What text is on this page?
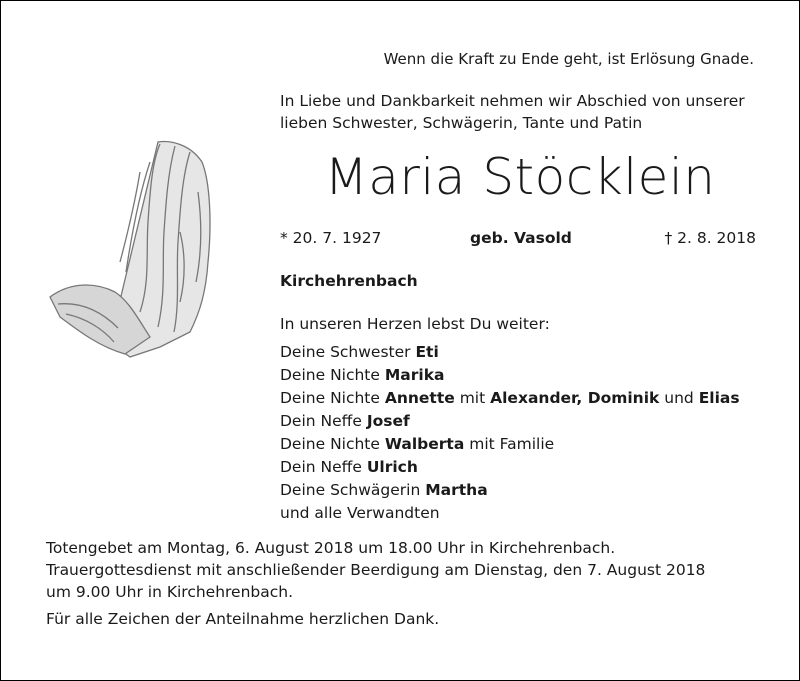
Wenn die Kraft zu Ende geht, ist Erlösung Gnade.
In Liebe und Dankbarkeit nehmen wir Abschied von unserer
lieben Schwester, Schwägerin, Tante und Patin
Maria Stöcklein
* 20. 7. 1927	geb. Vasold	† 2. 8. 2018
Kirchehrenbach
In unseren Herzen lebst Du weiter:
Deine Schwester Eti
Deine Nichte Marika
Deine Nichte Annette mit Alexander, Dominik und Elias
Dein Neffe Josef
Deine Nichte Walberta mit Familie
Dein Neffe Ulrich
Deine Schwägerin Martha
und alle Verwandten
Totengebet am Montag, 6. August 2018 um 18.00 Uhr in Kirchehrenbach.
Trauergottesdienst mit anschließender Beerdigung am Dienstag, den 7. August 2018
um 9.00 Uhr in Kirchehrenbach.
Für alle Zeichen der Anteilnahme herzlichen Dank.
